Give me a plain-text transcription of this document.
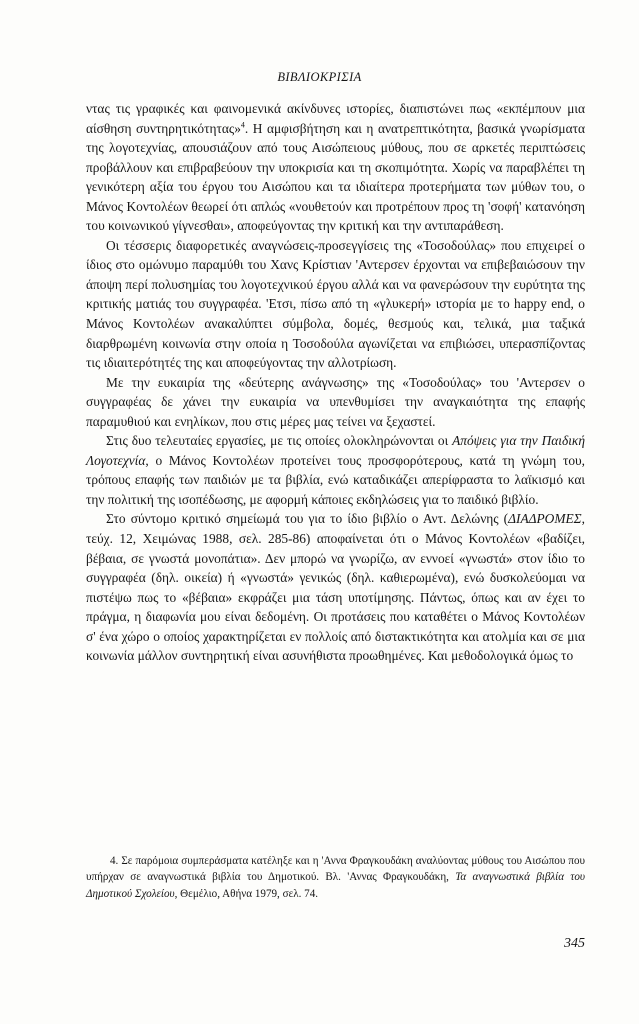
ΒΙΒΛΙΟΚΡΙΣΙΑ

ντας τις γραφικές και φαινομενικά ακίνδυνες ιστορίες, διαπιστώνει πως «εκπέμπουν μια αίσθηση συντηρητικότητας»$^4$. Η αμφισβήτηση και η ανατρεπτικότητα, βασικά γνωρίσματα της λογοτεχνίας, απουσιάζουν από τους Αισώπειους μύθους, που σε αρκετές περιπτώσεις προβάλλουν και επιβραβεύουν την υποκρισία και τη σκοπιμότητα. Χωρίς να παραβλέπει τη γενικότερη αξία του έργου του Αισώπου και τα ιδιαίτερα προτερήματα των μύθων του, ο Μάνος Κοντολέων θεωρεί ότι απλώς «νουθετούν και προτρέπουν προς τη 'σοφή' κατανόηση του κοινωνικού γίγνεσθαι», αποφεύγοντας την κριτική και την αντιπαράθεση.

Οι τέσσερις διαφορετικές αναγνώσεις-προσεγγίσεις της «Τοσοδούλας» που επιχειρεί ο ίδιος στο ομώνυμο παραμύθι του Χανς Κρίστιαν 'Αντερσεν έρχονται να επιβεβαιώσουν την άποψη περί πολυσημίας του λογοτεχνικού έργου αλλά και να φανερώσουν την ευρύτητα της κριτικής ματιάς του συγγραφέα. 'Ετσι, πίσω από τη «γλυκερή» ιστορία με το happy end, ο Μάνος Κοντολέων ανακαλύπτει σύμβολα, δομές, θεσμούς και, τελικά, μια ταξικά διαρθρωμένη κοινωνία στην οποία η Τοσοδούλα αγωνίζεται να επιβιώσει, υπερασπίζοντας τις ιδιαιτερότητές της και αποφεύγοντας την αλλοτρίωση.

Με την ευκαιρία της «δεύτερης ανάγνωσης» της «Τοσοδούλας» του 'Αντερσεν ο συγγραφέας δε χάνει την ευκαιρία να υπενθυμίσει την αναγκαιότητα της επαφής παραμυθιού και ενηλίκων, που στις μέρες μας τείνει να ξεχαστεί.

Στις δυο τελευταίες εργασίες, με τις οποίες ολοκληρώνονται οι Απόψεις για την Παιδική Λογοτεχνία, ο Μάνος Κοντολέων προτείνει τους προσφορότερους, κατά τη γνώμη του, τρόπους επαφής των παιδιών με τα βιβλία, ενώ καταδικάζει απερίφραστα το λαϊκισμό και την πολιτική της ισοπέδωσης, με αφορμή κάποιες εκδηλώσεις για το παιδικό βιβλίο.

Στο σύντομο κριτικό σημείωμά του για το ίδιο βιβλίο ο Αντ. Δελώνης (ΔΙΑΔΡΟΜΕΣ, τεύχ. 12, Χειμώνας 1988, σελ. 285-86) αποφαίνεται ότι ο Μάνος Κοντολέων «βαδίζει, βέβαια, σε γνωστά μονοπάτια». Δεν μπορώ να γνωρίζω, αν εννοεί «γνωστά» στον ίδιο το συγγραφέα (δηλ. οικεία) ή «γνωστά» γενικώς (δηλ. καθιερωμένα), ενώ δυσκολεύομαι να πιστέψω πως το «βέβαια» εκφράζει μια τάση υποτίμησης. Πάντως, όπως και αν έχει το πράγμα, η διαφωνία μου είναι δεδομένη. Οι προτάσεις που καταθέτει ο Μάνος Κοντολέων σ' ένα χώρο ο οποίος χαρακτηρίζεται εν πολλοίς από διστακτικότητα και ατολμία και σε μια κοινωνία μάλλον συντηρητική είναι ασυνήθιστα προωθημένες. Και μεθοδολογικά όμως το

4. Σε παρόμοια συμπεράσματα κατέληξε και η 'Αννα Φραγκουδάκη αναλύοντας μύθους του Αισώπου που υπήρχαν σε αναγνωστικά βιβλία του Δημοτικού. Βλ. 'Αννας Φραγκουδάκη, Τα αναγνωστικά βιβλία του Δημοτικού Σχολείου, Θεμέλιο, Αθήνα 1979, σελ. 74.

345
